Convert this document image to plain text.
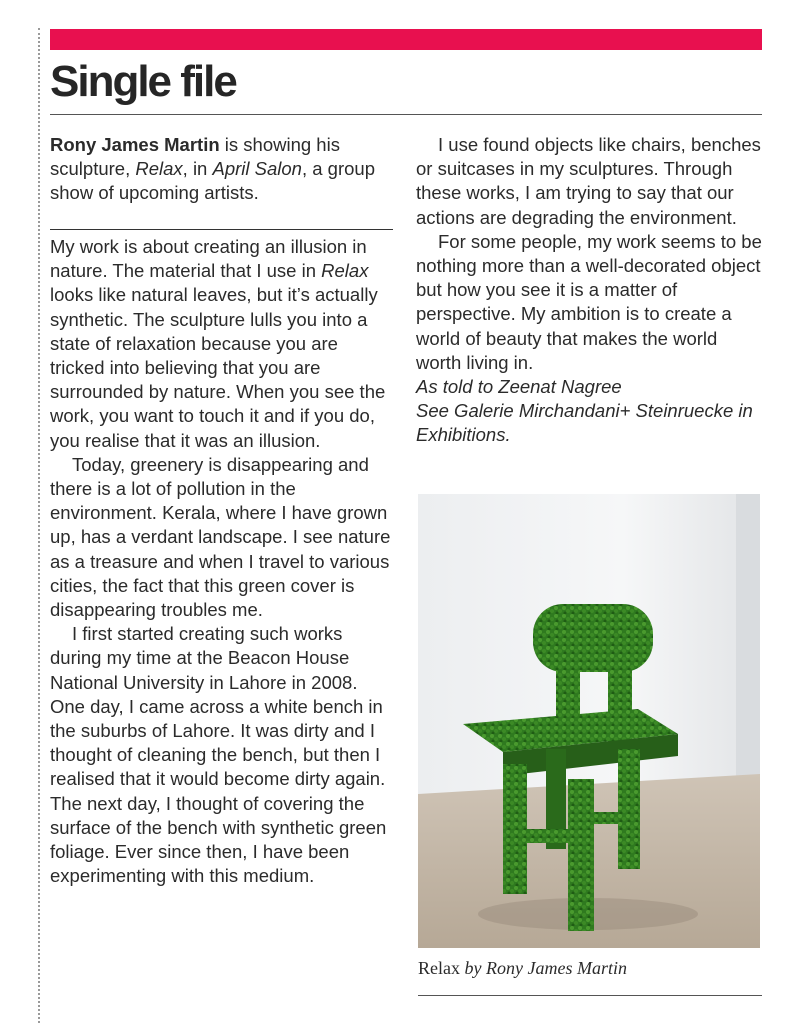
Single file

Rony James Martin is showing his sculpture, Relax, in April Salon, a group show of upcoming artists.

My work is about creating an illusion in nature. The material that I use in Relax looks like natural leaves, but it’s actually synthetic. The sculpture lulls you into a state of relaxation because you are tricked into believing that you are surrounded by nature. When you see the work, you want to touch it and if you do, you realise that it was an illusion.

Today, greenery is disappearing and there is a lot of pollution in the environment. Kerala, where I have grown up, has a verdant landscape. I see nature as a treasure and when I travel to various cities, the fact that this green cover is disappearing troubles me.

I first started creating such works during my time at the Beacon House National University in Lahore in 2008. One day, I came across a white bench in the suburbs of Lahore. It was dirty and I thought of cleaning the bench, but then I realised that it would become dirty again. The next day, I thought of covering the surface of the bench with synthetic green foliage. Ever since then, I have been experimenting with this medium.

I use found objects like chairs, benches or suitcases in my sculptures. Through these works, I am trying to say that our actions are degrading the environment.

For some people, my work seems to be nothing more than a well-decorated object but how you see it is a matter of perspective. My ambition is to create a world of beauty that makes the world worth living in.

As told to Zeenat Nagree

See Galerie Mirchandani+ Steinruecke in Exhibitions.

Relax by Rony James Martin
